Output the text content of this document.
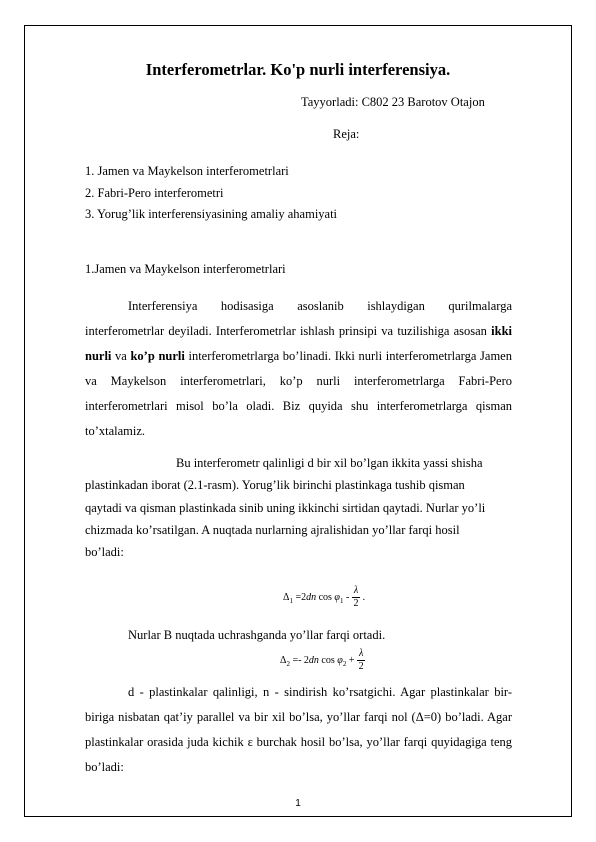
Interferometrlar. Ko'p nurli interferensiya.
Tayyorladi: C802 23 Barotov Otajon
Reja:
1. Jamen va Maykelson interferometrlari
2. Fabri-Pero interferometri
3. Yorug’lik interferensiyasining amaliy ahamiyati
1.Jamen va Maykelson interferometrlari
Interferensiya hodisasiga asoslanib ishlaydigan qurilmalarga interferometrlar deyiladi. Interferometrlar ishlash prinsipi va tuzilishiga asosan ikki nurli va ko’p nurli interferometrlarga bo’linadi. Ikki nurli interferometrlarga Jamen va Maykelson interferometrlari, ko’p nurli interferometrlarga Fabri-Pero interferometrlari misol bo’la oladi. Biz quyida shu interferometrlarga qisman to’xtalamiz.
Bu interferometr qalinligi d bir xil bo’lgan ikkita yassi shisha
plastinkadan iborat (2.1-rasm). Yorug’lik birinchi plastinkaga tushib qisman
qaytadi va qisman plastinkada sinib uning ikkinchi sirtidan qaytadi. Nurlar yo’li
chizmada ko’rsatilgan. A nuqtada nurlarning ajralishidan yo’llar farqi hosil
bo’ladi:
$\Delta_1 =2dn$ $\cos \varphi_1 - \frac{\lambda}{2}$ .
Nurlar B nuqtada uchrashganda yo’llar farqi ortadi.
$\Delta_2 =- 2dn$ $\cos \varphi_2 + \frac{\lambda}{2}$
d - plastinkalar qalinligi, n - sindirish ko’rsatgichi. Agar plastinkalar bir-biriga nisbatan qat’iy parallel va bir xil bo’lsa, yo’llar farqi nol (Δ=0) bo’ladi. Agar plastinkalar orasida juda kichik ε burchak hosil bo’lsa, yo’llar farqi quyidagiga teng bo’ladi:
1
